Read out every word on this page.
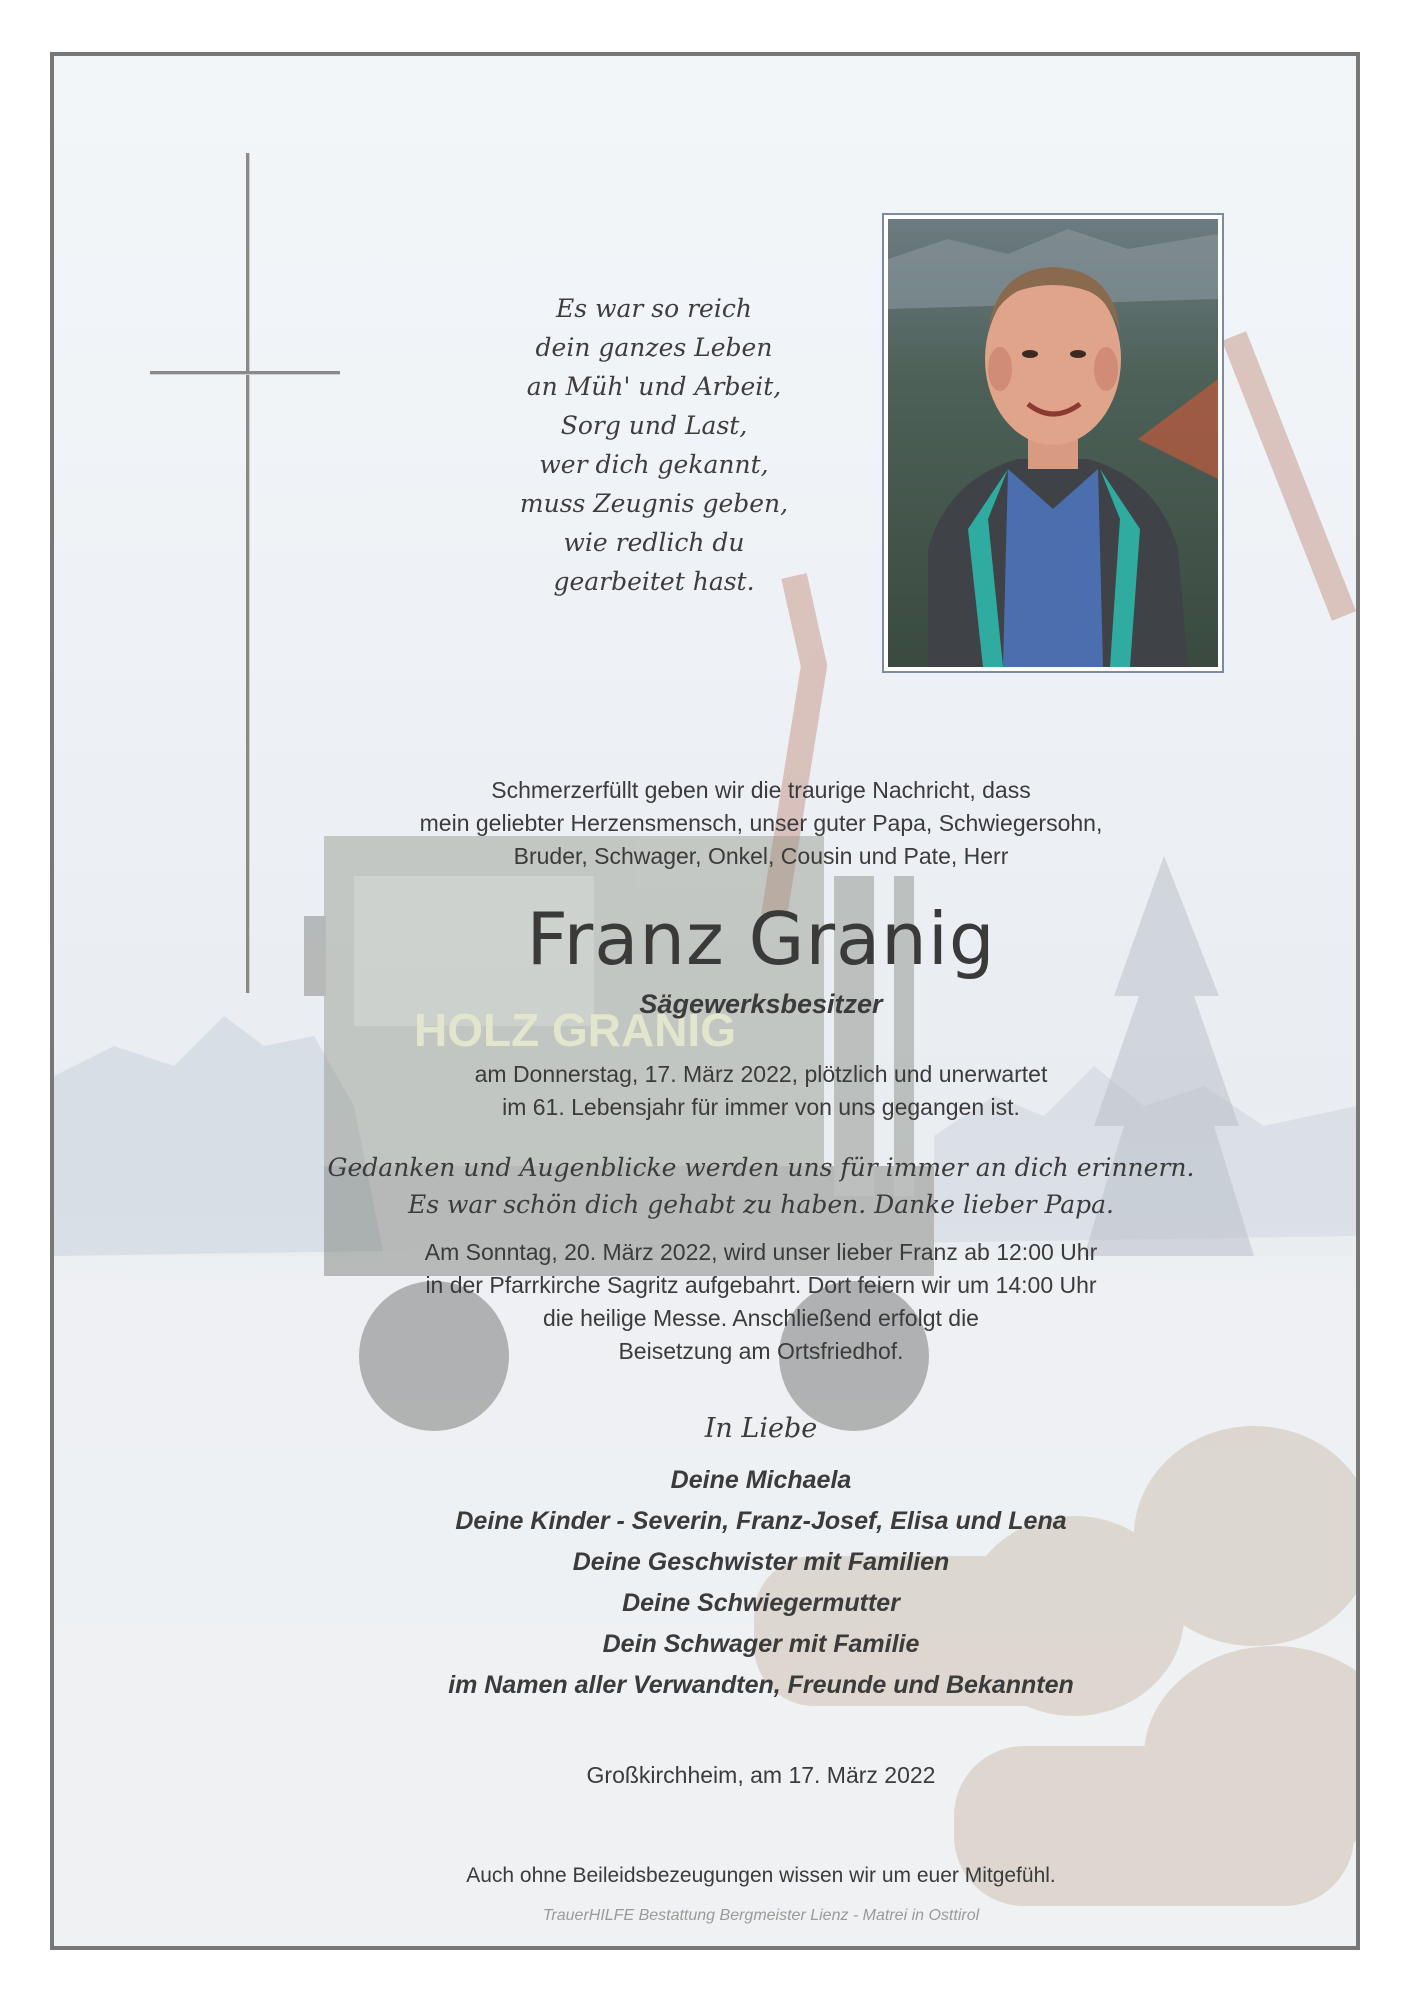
HOLZ GRANIG
Es war so reich
dein ganzes Leben
an Müh' und Arbeit,
Sorg und Last,
wer dich gekannt,
muss Zeugnis geben,
wie redlich du
gearbeitet hast.
Schmerzerfüllt geben wir die traurige Nachricht, dass
mein geliebter Herzensmensch, unser guter Papa, Schwiegersohn,
Bruder, Schwager, Onkel, Cousin und Pate, Herr
Franz Granig
Sägewerksbesitzer
am Donnerstag, 17. März 2022, plötzlich und unerwartet
im 61. Lebensjahr für immer von uns gegangen ist.
Gedanken und Augenblicke werden uns für immer an dich erinnern.
Es war schön dich gehabt zu haben. Danke lieber Papa.
Am Sonntag, 20. März 2022, wird unser lieber Franz ab 12:00 Uhr
in der Pfarrkirche Sagritz aufgebahrt. Dort feiern wir um 14:00 Uhr
die heilige Messe. Anschließend erfolgt die
Beisetzung am Ortsfriedhof.
In Liebe
Deine Michaela
Deine Kinder - Severin, Franz-Josef, Elisa und Lena
Deine Geschwister mit Familien
Deine Schwiegermutter
Dein Schwager mit Familie
im Namen aller Verwandten, Freunde und Bekannten
Großkirchheim, am 17. März 2022
Auch ohne Beileidsbezeugungen wissen wir um euer Mitgefühl.
TrauerHILFE Bestattung Bergmeister Lienz - Matrei in Osttirol
